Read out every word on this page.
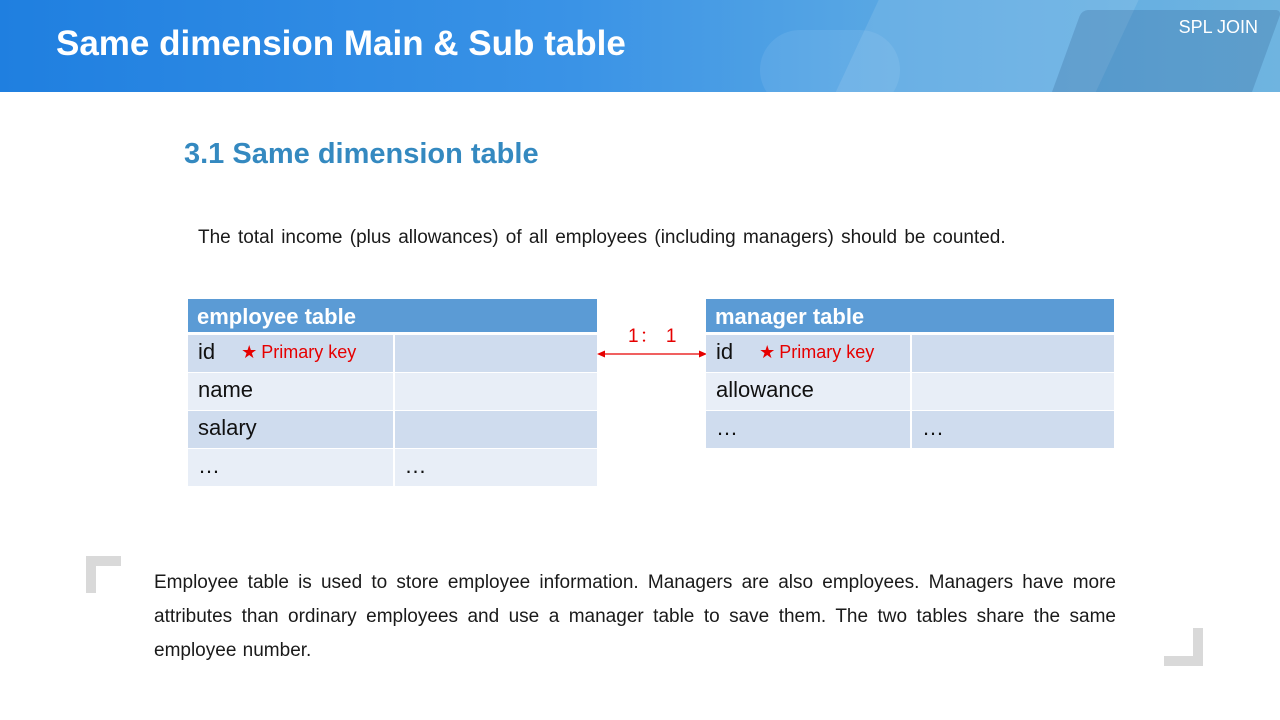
Same dimension Main & Sub table	SPL JOIN
3.1 Same dimension table
The total income (plus allowances) of all employees (including managers) should be counted.
employee table
id ★ Primary key
name
salary
…	…
1： 1
manager table
id ★ Primary key
allowance
…	…
Employee table is used to store employee information. Managers are also employees. Managers have more attributes than ordinary employees and use a manager table to save them. The two tables share the same employee number.
